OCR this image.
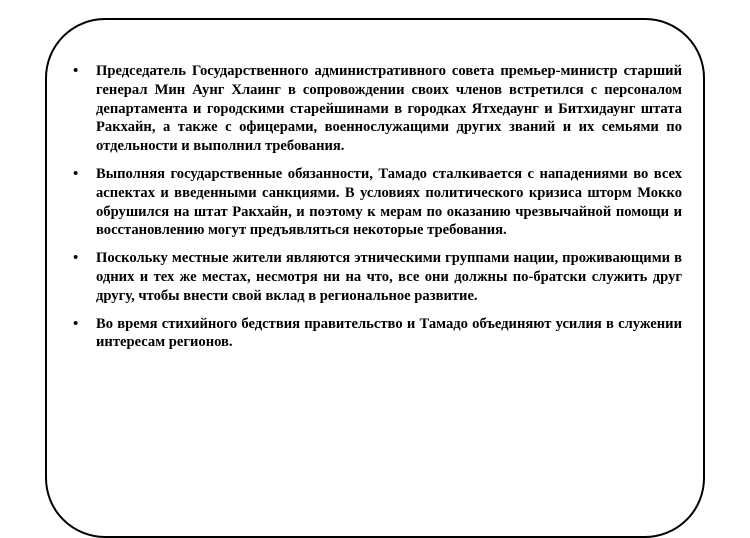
• Председатель Государственного административного совета премьер-министр старший генерал Мин Аунг Хлаинг в сопровождении своих членов встретился с персоналом департамента и городскими старейшинами в городках Ятхедаунг и Битхидаунг штата Ракхайн, а также с офицерами, военнослужащими других званий и их семьями по отдельности и выполнил требования.
• Выполняя государственные обязанности, Тамадо сталкивается с нападениями во всех аспектах и введенными санкциями. В условиях политического кризиса шторм Мокко обрушился на штат Ракхайн, и поэтому к мерам по оказанию чрезвычайной помощи и восстановлению могут предъявляться некоторые требования.
• Поскольку местные жители являются этническими группами нации, проживающими в одних и тех же местах, несмотря ни на что, все они должны по-братски служить друг другу, чтобы внести свой вклад в региональное развитие.
• Во время стихийного бедствия правительство и Тамадо объединяют усилия в служении интересам регионов.
